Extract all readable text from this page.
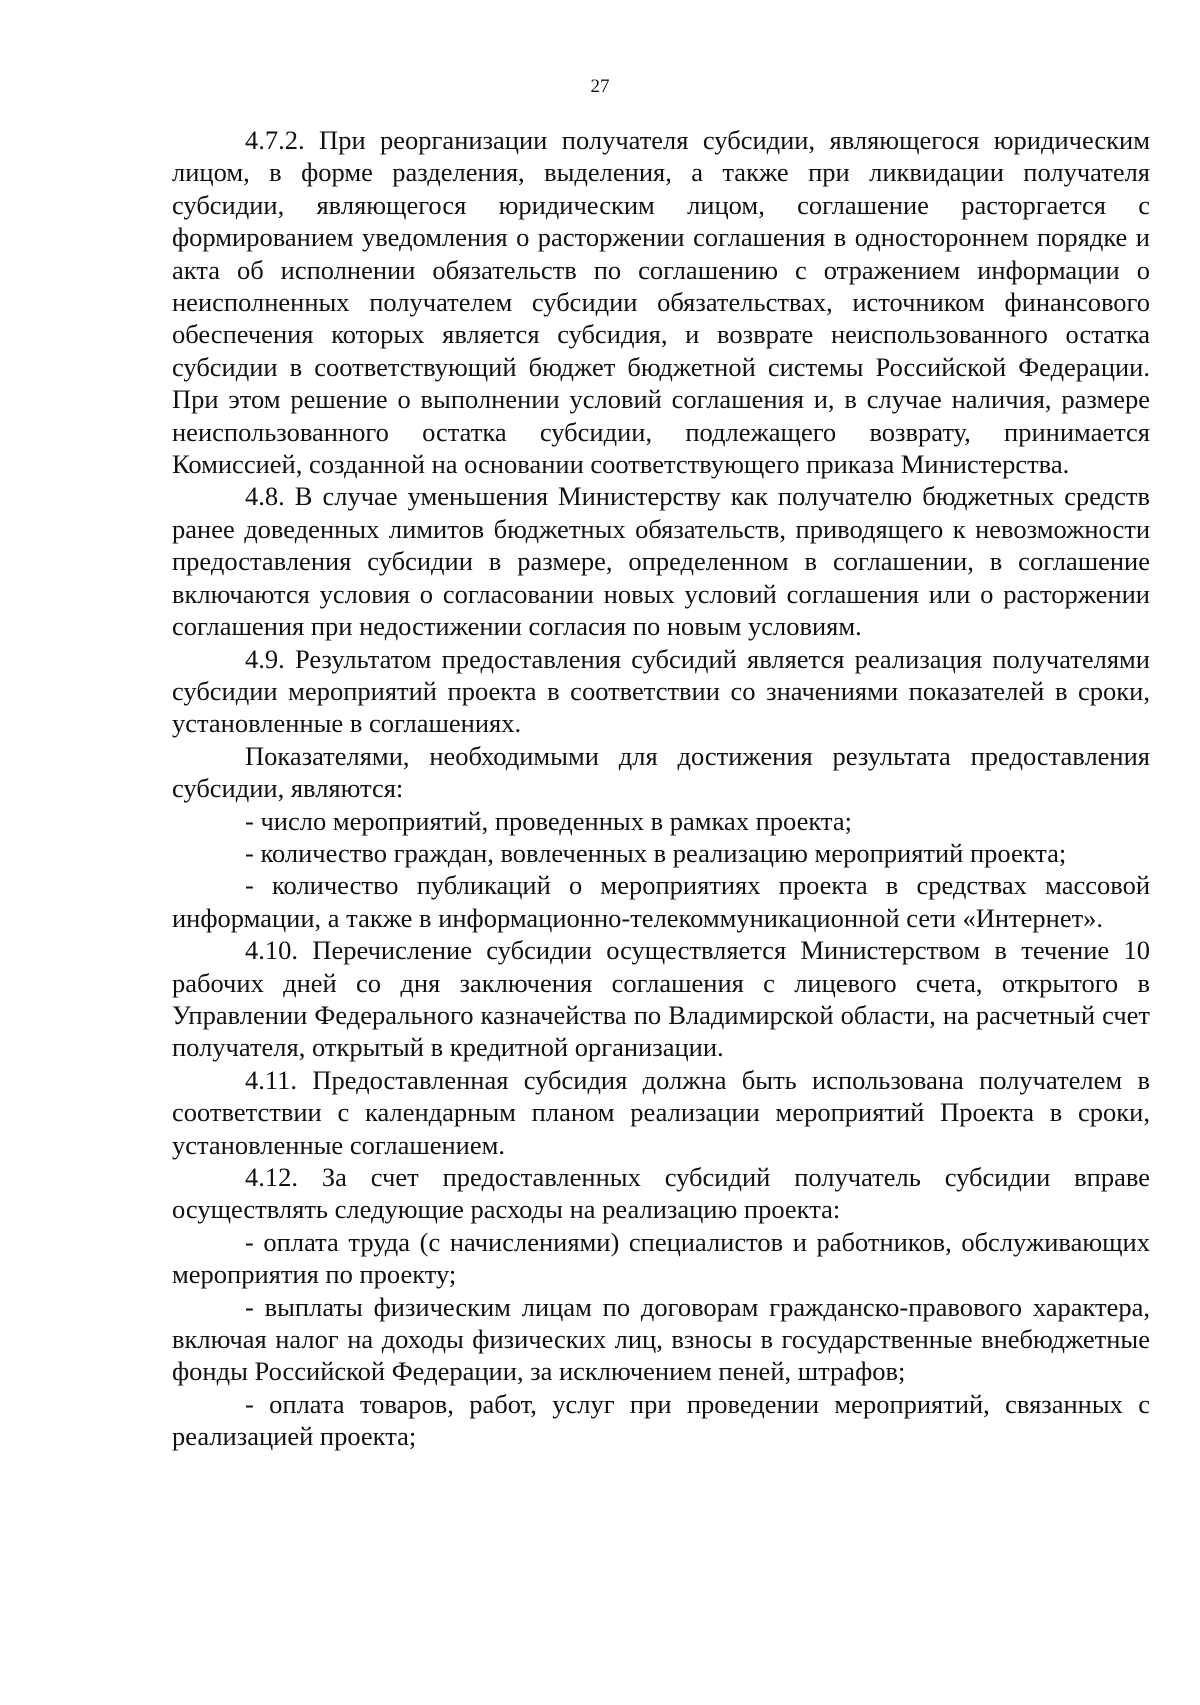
27

4.7.2. При реорганизации получателя субсидии, являющегося юридическим лицом, в форме разделения, выделения, а также при ликвидации получателя субсидии, являющегося юридическим лицом, соглашение расторгается с формированием уведомления о расторжении соглашения в одностороннем порядке и акта об исполнении обязательств по соглашению с отражением информации о неисполненных получателем субсидии обязательствах, источником финансового обеспечения которых является субсидия, и возврате неиспользованного остатка субсидии в соответствующий бюджет бюджетной системы Российской Федерации. При этом решение о выполнении условий соглашения и, в случае наличия, размере неиспользованного остатка субсидии, подлежащего возврату, принимается Комиссией, созданной на основании соответствующего приказа Министерства.

4.8. В случае уменьшения Министерству как получателю бюджетных средств ранее доведенных лимитов бюджетных обязательств, приводящего к невозможности предоставления субсидии в размере, определенном в соглашении, в соглашение включаются условия о согласовании новых условий соглашения или о расторжении соглашения при недостижении согласия по новым условиям.

4.9. Результатом предоставления субсидий является реализация получателями субсидии мероприятий проекта в соответствии со значениями показателей в сроки, установленные в соглашениях.

Показателями, необходимыми для достижения результата предоставления субсидии, являются:

- число мероприятий, проведенных в рамках проекта;

- количество граждан, вовлеченных в реализацию мероприятий проекта;

- количество публикаций о мероприятиях проекта в средствах массовой информации, а также в информационно-телекоммуникационной сети «Интернет».

4.10. Перечисление субсидии осуществляется Министерством в течение 10 рабочих дней со дня заключения соглашения с лицевого счета, открытого в Управлении Федерального казначейства по Владимирской области, на расчетный счет получателя, открытый в кредитной организации.

4.11. Предоставленная субсидия должна быть использована получателем в соответствии с календарным планом реализации мероприятий Проекта в сроки, установленные соглашением.

4.12. За счет предоставленных субсидий получатель субсидии вправе осуществлять следующие расходы на реализацию проекта:

- оплата труда (с начислениями) специалистов и работников, обслуживающих мероприятия по проекту;

- выплаты физическим лицам по договорам гражданско-правового характера, включая налог на доходы физических лиц, взносы в государственные внебюджетные фонды Российской Федерации, за исключением пеней, штрафов;

- оплата товаров, работ, услуг при проведении мероприятий, связанных с реализацией проекта;
